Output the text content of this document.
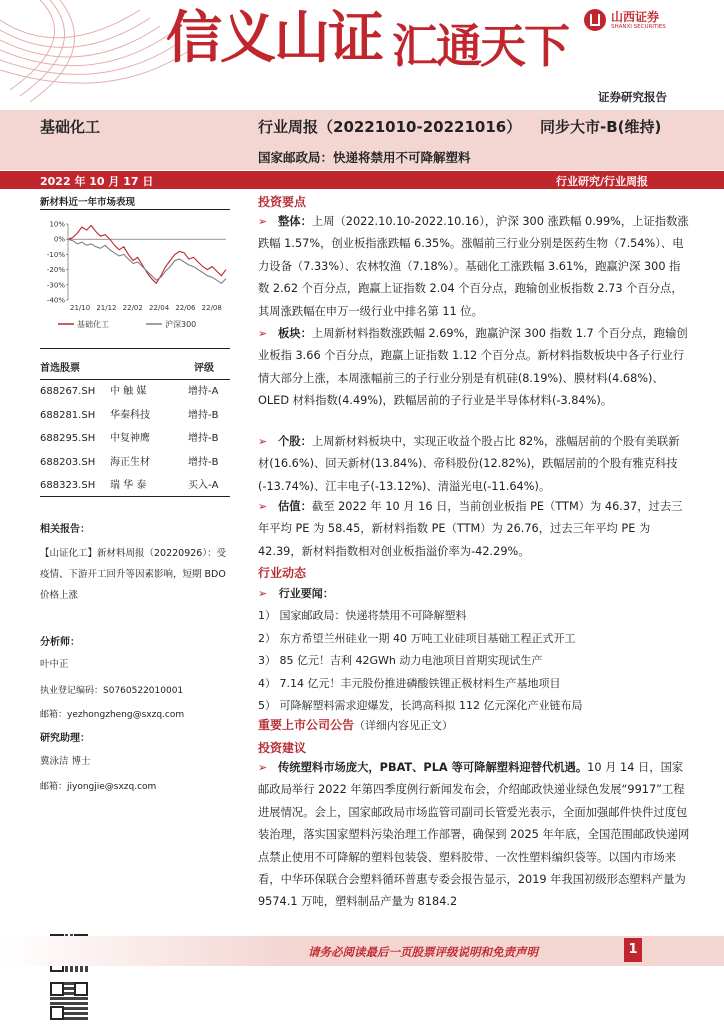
信义山证 汇通天下
山西证券
SHANXI SECURITIES
证券研究报告
基础化工	行业周报（20221010-20221016） 同步大市-B(维持)
国家邮政局：快递将禁用不可降解塑料
2022 年 10 月 17 日	行业研究/行业周报
新材料近一年市场表现
10%
0%
-10%
-20%
-30%
-40%
21/10 21/12 22/02 22/04 22/06 22/08
基础化工	沪深300
首选股票	评级
688267.SH 中 触 媒	增持-A
688281.SH 华秦科技	增持-B
688295.SH 中复神鹰	增持-B
688203.SH 海正生材	增持-B
688323.SH 瑞 华 泰	买入-A
相关报告：
【山证化工】新材料周报（20220926）：受疫情、下游开工回升等因素影响，短期 BDO 价格上涨
分析师：
叶中正
执业登记编码：S0760522010001
邮箱：yezhongzheng@sxzq.com
研究助理：
冀泳洁 博士
邮箱：jiyongjie@sxzq.com
投资要点
➢ 整体：上周（2022.10.10-2022.10.16），沪深 300 涨跌幅 0.99%，上证指数涨跌幅 1.57%，创业板指涨跌幅 6.35%。涨幅前三行业分别是医药生物（7.54%）、电力设备（7.33%）、农林牧渔（7.18%）。基础化工涨跌幅 3.61%，跑赢沪深 300 指数 2.62 个百分点，跑赢上证指数 2.04 个百分点，跑输创业板指数 2.73 个百分点，其周涨跌幅在申万一级行业中排名第 11 位。
➢ 板块：上周新材料指数涨跌幅 2.69%，跑赢沪深 300 指数 1.7 个百分点，跑输创业板指 3.66 个百分点，跑赢上证指数 1.12 个百分点。新材料指数板块中各子行业行情大部分上涨，本周涨幅前三的子行业分别是有机硅(8.19%)、膜材料(4.68%)、OLED 材料指数(4.49%)，跌幅居前的子行业是半导体材料(-3.84%)。
➢ 个股：上周新材料板块中，实现正收益个股占比 82%，涨幅居前的个股有美联新材(16.6%)、回天新材(13.84%)、帝科股份(12.82%)，跌幅居前的个股有雅克科技(-13.74%)、江丰电子(-13.12%)、清溢光电(-11.64%)。
➢ 估值：截至 2022 年 10 月 16 日，当前创业板指 PE（TTM）为 46.37，过去三年平均 PE 为 58.45，新材料指数 PE（TTM）为 26.76，过去三年平均 PE 为 42.39，新材料指数相对创业板指溢价率为-42.29%。
行业动态
➢ 行业要闻：
1） 国家邮政局：快递将禁用不可降解塑料
2） 东方希望兰州硅业一期 40 万吨工业硅项目基础工程正式开工
3） 85 亿元！吉利 42GWh 动力电池项目首期实现试生产
4） 7.14 亿元！丰元股份推进磷酸铁锂正极材料生产基地项目
5） 可降解塑料需求迎爆发，长鸿高科拟 112 亿元深化产业链布局
重要上市公司公告（详细内容见正文）
投资建议
➢ 传统塑料市场庞大，PBAT、PLA 等可降解塑料迎替代机遇。10 月 14 日，国家邮政局举行 2022 年第四季度例行新闻发布会，介绍邮政快递业绿色发展“9917”工程进展情况。会上，国家邮政局市场监管司副司长管爱光表示，全面加强邮件快件过度包装治理，落实国家塑料污染治理工作部署，确保到 2025 年年底，全国范围邮政快递网点禁止使用不可降解的塑料包装袋、塑料胶带、一次性塑料编织袋等。以国内市场来看，中华环保联合会塑料循环普惠专委会报告显示，2019 年我国初级形态塑料产量为 9574.1 万吨，塑料制品产量为 8184.2
请务必阅读最后一页股票评级说明和免责声明	1
